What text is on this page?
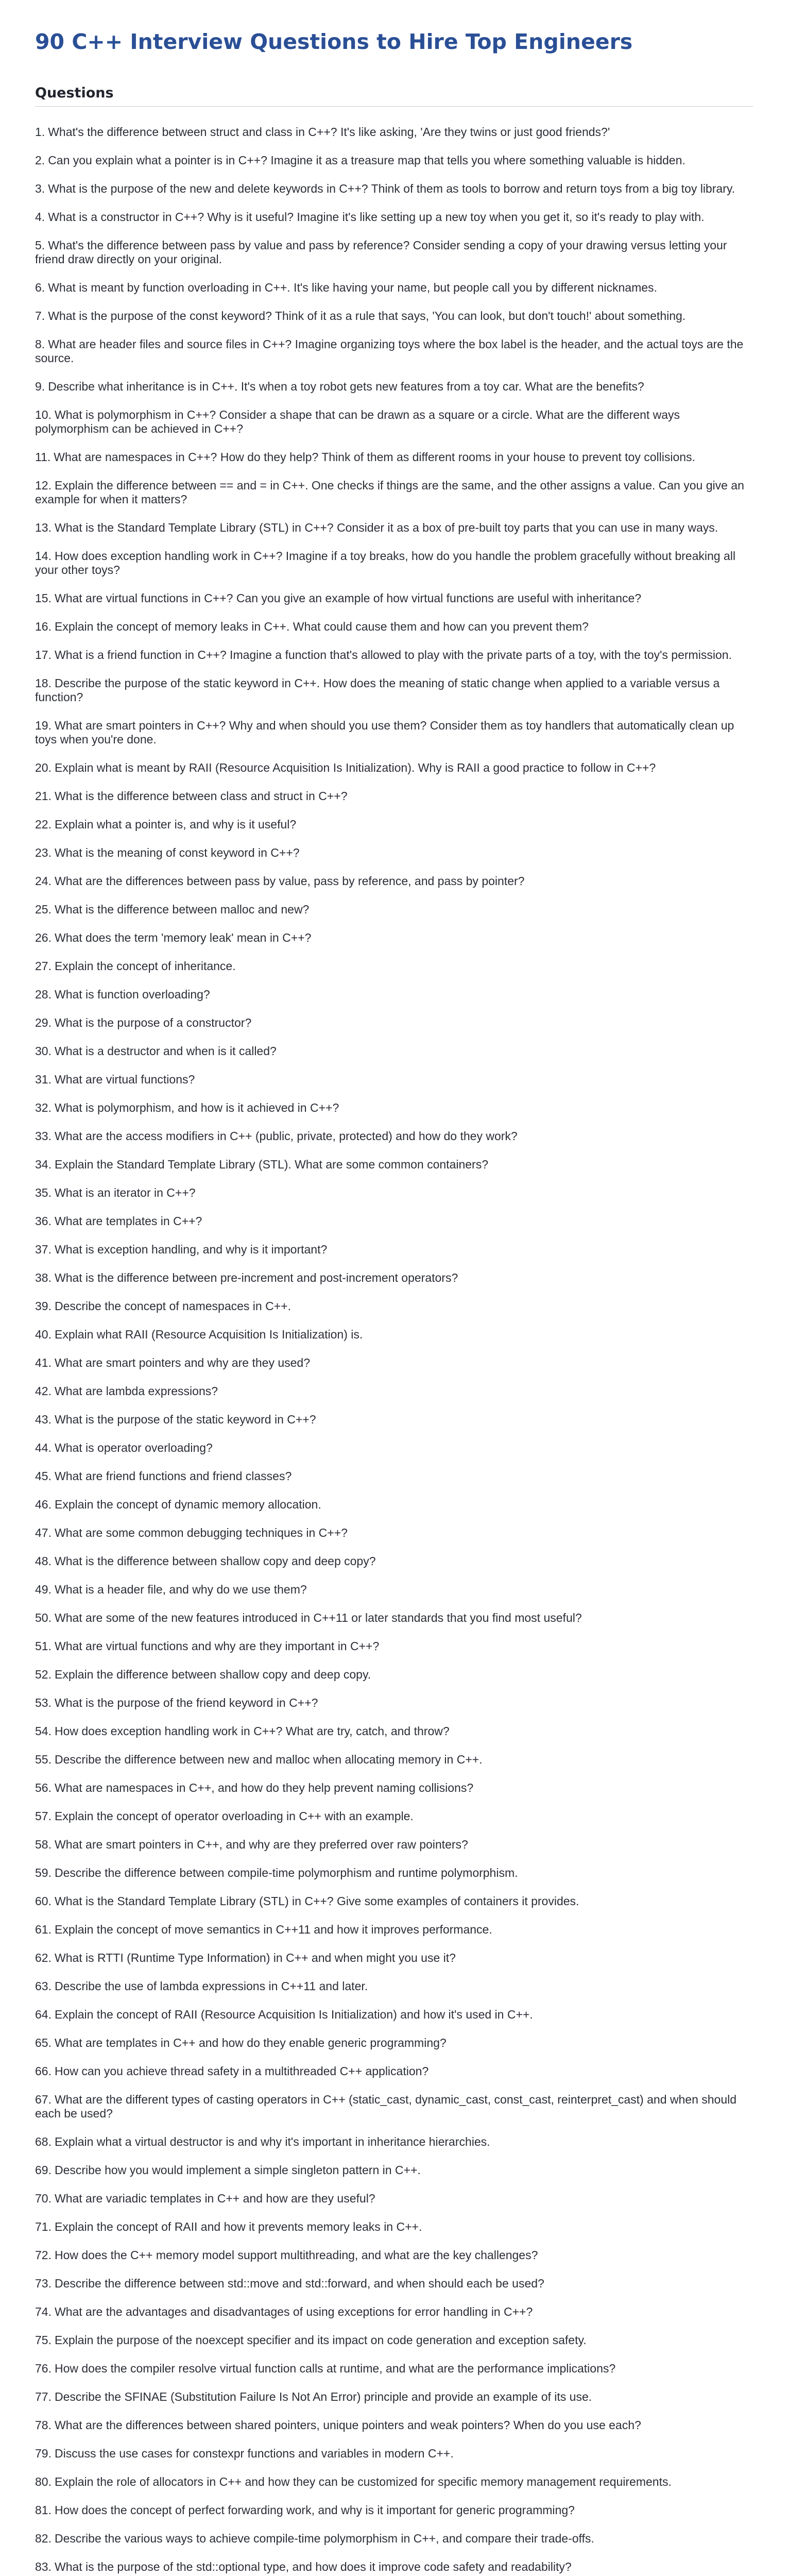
90 C++ Interview Questions to Hire Top Engineers
Questions
1. What's the difference between struct and class in C++? It's like asking, 'Are they twins or just good friends?'
2. Can you explain what a pointer is in C++? Imagine it as a treasure map that tells you where something valuable is hidden.
3. What is the purpose of the new and delete keywords in C++? Think of them as tools to borrow and return toys from a big toy library.
4. What is a constructor in C++? Why is it useful? Imagine it's like setting up a new toy when you get it, so it's ready to play with.
5. What's the difference between pass by value and pass by reference? Consider sending a copy of your drawing versus letting your friend draw directly on your original.
6. What is meant by function overloading in C++. It's like having your name, but people call you by different nicknames.
7. What is the purpose of the const keyword? Think of it as a rule that says, 'You can look, but don't touch!' about something.
8. What are header files and source files in C++? Imagine organizing toys where the box label is the header, and the actual toys are the source.
9. Describe what inheritance is in C++. It's when a toy robot gets new features from a toy car. What are the benefits?
10. What is polymorphism in C++? Consider a shape that can be drawn as a square or a circle. What are the different ways polymorphism can be achieved in C++?
11. What are namespaces in C++? How do they help? Think of them as different rooms in your house to prevent toy collisions.
12. Explain the difference between == and = in C++. One checks if things are the same, and the other assigns a value. Can you give an example for when it matters?
13. What is the Standard Template Library (STL) in C++? Consider it as a box of pre-built toy parts that you can use in many ways.
14. How does exception handling work in C++? Imagine if a toy breaks, how do you handle the problem gracefully without breaking all your other toys?
15. What are virtual functions in C++? Can you give an example of how virtual functions are useful with inheritance?
16. Explain the concept of memory leaks in C++. What could cause them and how can you prevent them?
17. What is a friend function in C++? Imagine a function that's allowed to play with the private parts of a toy, with the toy's permission.
18. Describe the purpose of the static keyword in C++. How does the meaning of static change when applied to a variable versus a function?
19. What are smart pointers in C++? Why and when should you use them? Consider them as toy handlers that automatically clean up toys when you're done.
20. Explain what is meant by RAII (Resource Acquisition Is Initialization). Why is RAII a good practice to follow in C++?
21. What is the difference between class and struct in C++?
22. Explain what a pointer is, and why is it useful?
23. What is the meaning of const keyword in C++?
24. What are the differences between pass by value, pass by reference, and pass by pointer?
25. What is the difference between malloc and new?
26. What does the term 'memory leak' mean in C++?
27. Explain the concept of inheritance.
28. What is function overloading?
29. What is the purpose of a constructor?
30. What is a destructor and when is it called?
31. What are virtual functions?
32. What is polymorphism, and how is it achieved in C++?
33. What are the access modifiers in C++ (public, private, protected) and how do they work?
34. Explain the Standard Template Library (STL). What are some common containers?
35. What is an iterator in C++?
36. What are templates in C++?
37. What is exception handling, and why is it important?
38. What is the difference between pre-increment and post-increment operators?
39. Describe the concept of namespaces in C++.
40. Explain what RAII (Resource Acquisition Is Initialization) is.
41. What are smart pointers and why are they used?
42. What are lambda expressions?
43. What is the purpose of the static keyword in C++?
44. What is operator overloading?
45. What are friend functions and friend classes?
46. Explain the concept of dynamic memory allocation.
47. What are some common debugging techniques in C++?
48. What is the difference between shallow copy and deep copy?
49. What is a header file, and why do we use them?
50. What are some of the new features introduced in C++11 or later standards that you find most useful?
51. What are virtual functions and why are they important in C++?
52. Explain the difference between shallow copy and deep copy.
53. What is the purpose of the friend keyword in C++?
54. How does exception handling work in C++? What are try, catch, and throw?
55. Describe the difference between new and malloc when allocating memory in C++.
56. What are namespaces in C++, and how do they help prevent naming collisions?
57. Explain the concept of operator overloading in C++ with an example.
58. What are smart pointers in C++, and why are they preferred over raw pointers?
59. Describe the difference between compile-time polymorphism and runtime polymorphism.
60. What is the Standard Template Library (STL) in C++? Give some examples of containers it provides.
61. Explain the concept of move semantics in C++11 and how it improves performance.
62. What is RTTI (Runtime Type Information) in C++ and when might you use it?
63. Describe the use of lambda expressions in C++11 and later.
64. Explain the concept of RAII (Resource Acquisition Is Initialization) and how it's used in C++.
65. What are templates in C++ and how do they enable generic programming?
66. How can you achieve thread safety in a multithreaded C++ application?
67. What are the different types of casting operators in C++ (static_cast, dynamic_cast, const_cast, reinterpret_cast) and when should each be used?
68. Explain what a virtual destructor is and why it's important in inheritance hierarchies.
69. Describe how you would implement a simple singleton pattern in C++.
70. What are variadic templates in C++ and how are they useful?
71. Explain the concept of RAII and how it prevents memory leaks in C++.
72. How does the C++ memory model support multithreading, and what are the key challenges?
73. Describe the difference between std::move and std::forward, and when should each be used?
74. What are the advantages and disadvantages of using exceptions for error handling in C++?
75. Explain the purpose of the noexcept specifier and its impact on code generation and exception safety.
76. How does the compiler resolve virtual function calls at runtime, and what are the performance implications?
77. Describe the SFINAE (Substitution Failure Is Not An Error) principle and provide an example of its use.
78. What are the differences between shared pointers, unique pointers and weak pointers? When do you use each?
79. Discuss the use cases for constexpr functions and variables in modern C++.
80. Explain the role of allocators in C++ and how they can be customized for specific memory management requirements.
81. How does the concept of perfect forwarding work, and why is it important for generic programming?
82. Describe the various ways to achieve compile-time polymorphism in C++, and compare their trade-offs.
83. What is the purpose of the std::optional type, and how does it improve code safety and readability?
